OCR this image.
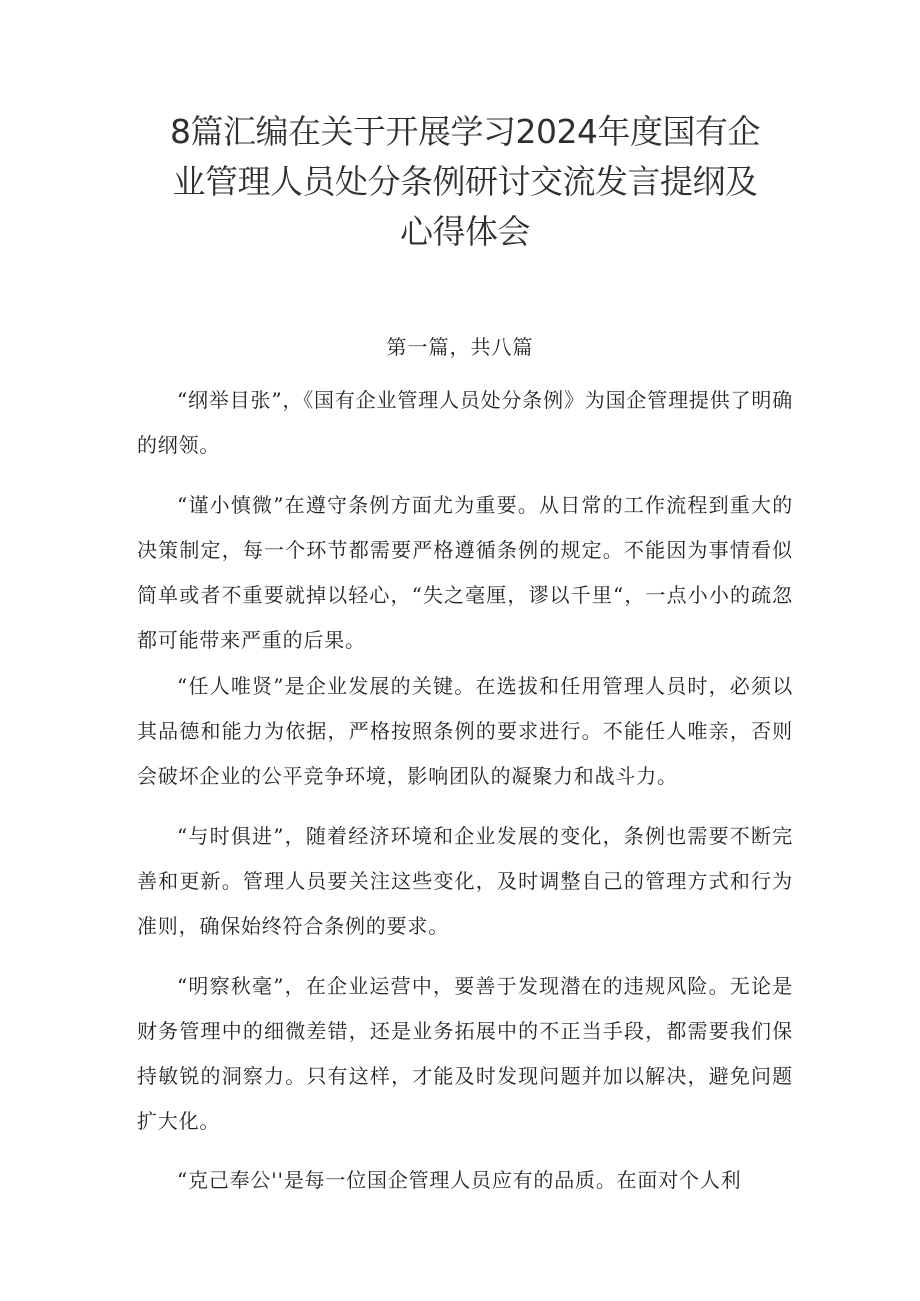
8篇汇编在关于开展学习2024年度国有企
业管理人员处分条例研讨交流发言提纲及
心得体会

第一篇，共八篇

“纲举目张”，《国有企业管理人员处分条例》为国企管理提供了明确的纲领。

“谨小慎微”在遵守条例方面尤为重要。从日常的工作流程到重大的决策制定，每一个环节都需要严格遵循条例的规定。不能因为事情看似简单或者不重要就掉以轻心，“失之毫厘，谬以千里“，一点小小的疏忽都可能带来严重的后果。

“任人唯贤”是企业发展的关键。在选拔和任用管理人员时，必须以其品德和能力为依据，严格按照条例的要求进行。不能任人唯亲，否则会破坏企业的公平竞争环境，影响团队的凝聚力和战斗力。

“与时俱进”，随着经济环境和企业发展的变化，条例也需要不断完善和更新。管理人员要关注这些变化，及时调整自己的管理方式和行为准则，确保始终符合条例的要求。

“明察秋毫”，在企业运营中，要善于发现潜在的违规风险。无论是财务管理中的细微差错，还是业务拓展中的不正当手段，都需要我们保持敏锐的洞察力。只有这样，才能及时发现问题并加以解决，避免问题扩大化。

“克己奉公''是每一位国企管理人员应有的品质。在面对个人利
